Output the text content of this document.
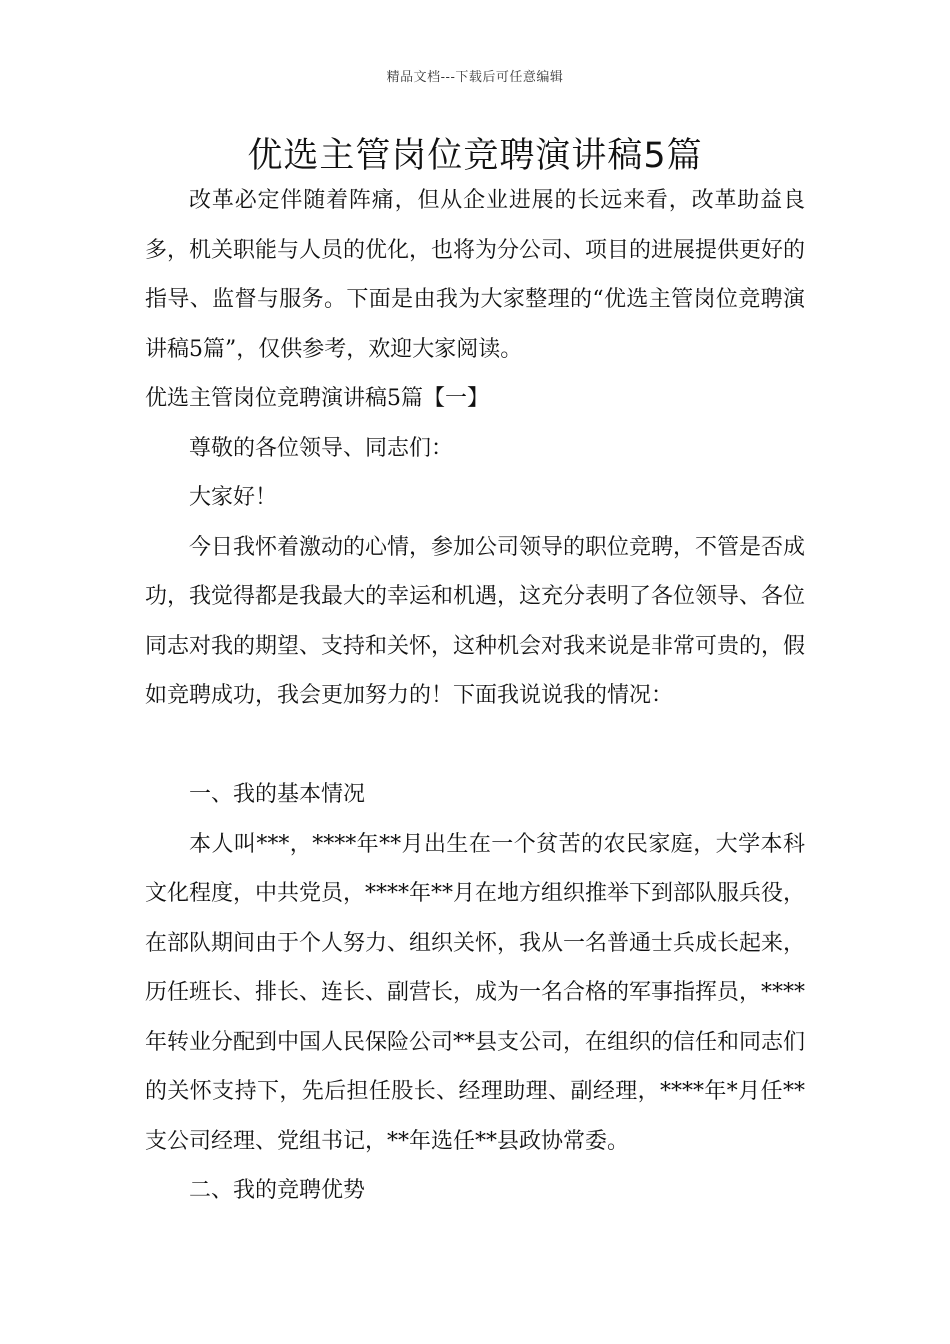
精品文档---下载后可任意编辑
优选主管岗位竞聘演讲稿5篇

改革必定伴随着阵痛，但从企业进展的长远来看，改革助益良多，机关职能与人员的优化，也将为分公司、项目的进展提供更好的指导、监督与服务。下面是由我为大家整理的“优选主管岗位竞聘演讲稿5篇”，仅供参考，欢迎大家阅读。

优选主管岗位竞聘演讲稿5篇【一】

尊敬的各位领导、同志们：

大家好！

今日我怀着激动的心情，参加公司领导的职位竞聘，不管是否成功，我觉得都是我最大的幸运和机遇，这充分表明了各位领导、各位同志对我的期望、支持和关怀，这种机会对我来说是非常可贵的，假如竞聘成功，我会更加努力的！下面我说说我的情况：

一、我的基本情况

本人叫***，****年**月出生在一个贫苦的农民家庭，大学本科文化程度，中共党员，****年**月在地方组织推举下到部队服兵役，在部队期间由于个人努力、组织关怀，我从一名普通士兵成长起来，历任班长、排长、连长、副营长，成为一名合格的军事指挥员，****年转业分配到中国人民保险公司**县支公司，在组织的信任和同志们的关怀支持下，先后担任股长、经理助理、副经理，****年*月任**支公司经理、党组书记，**年选任**县政协常委。

二、我的竞聘优势
